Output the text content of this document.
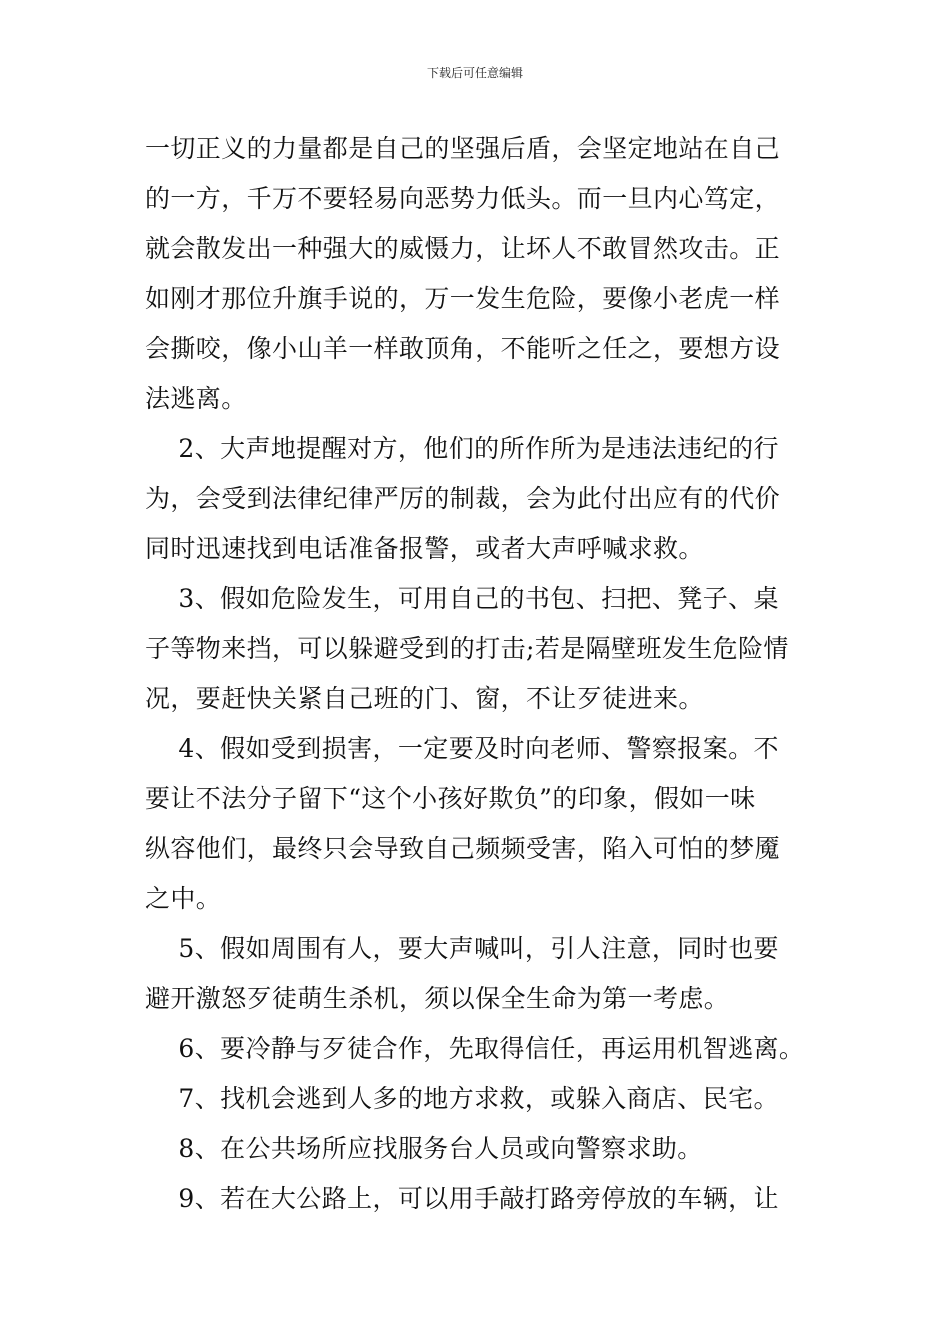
下载后可任意编辑
一切正义的力量都是自己的坚强后盾，会坚定地站在自己
的一方，千万不要轻易向恶势力低头。而一旦内心笃定，
就会散发出一种强大的威慑力，让坏人不敢冒然攻击。正
如刚才那位升旗手说的，万一发生危险，要像小老虎一样
会撕咬，像小山羊一样敢顶角，不能听之任之，要想方设
法逃离。
2、大声地提醒对方，他们的所作所为是违法违纪的行
为，会受到法律纪律严厉的制裁，会为此付出应有的代价
同时迅速找到电话准备报警，或者大声呼喊求救。
3、假如危险发生，可用自己的书包、扫把、凳子、桌
子等物来挡，可以躲避受到的打击;若是隔壁班发生危险情
况，要赶快关紧自己班的门、窗，不让歹徒进来。
4、假如受到损害，一定要及时向老师、警察报案。不
要让不法分子留下“这个小孩好欺负”的印象，假如一味
纵容他们，最终只会导致自己频频受害，陷入可怕的梦魇
之中。
5、假如周围有人，要大声喊叫，引人注意，同时也要
避开激怒歹徒萌生杀机，须以保全生命为第一考虑。
6、要冷静与歹徒合作，先取得信任，再运用机智逃离。
7、找机会逃到人多的地方求救，或躲入商店、民宅。
8、在公共场所应找服务台人员或向警察求助。
9、若在大公路上，可以用手敲打路旁停放的车辆，让
